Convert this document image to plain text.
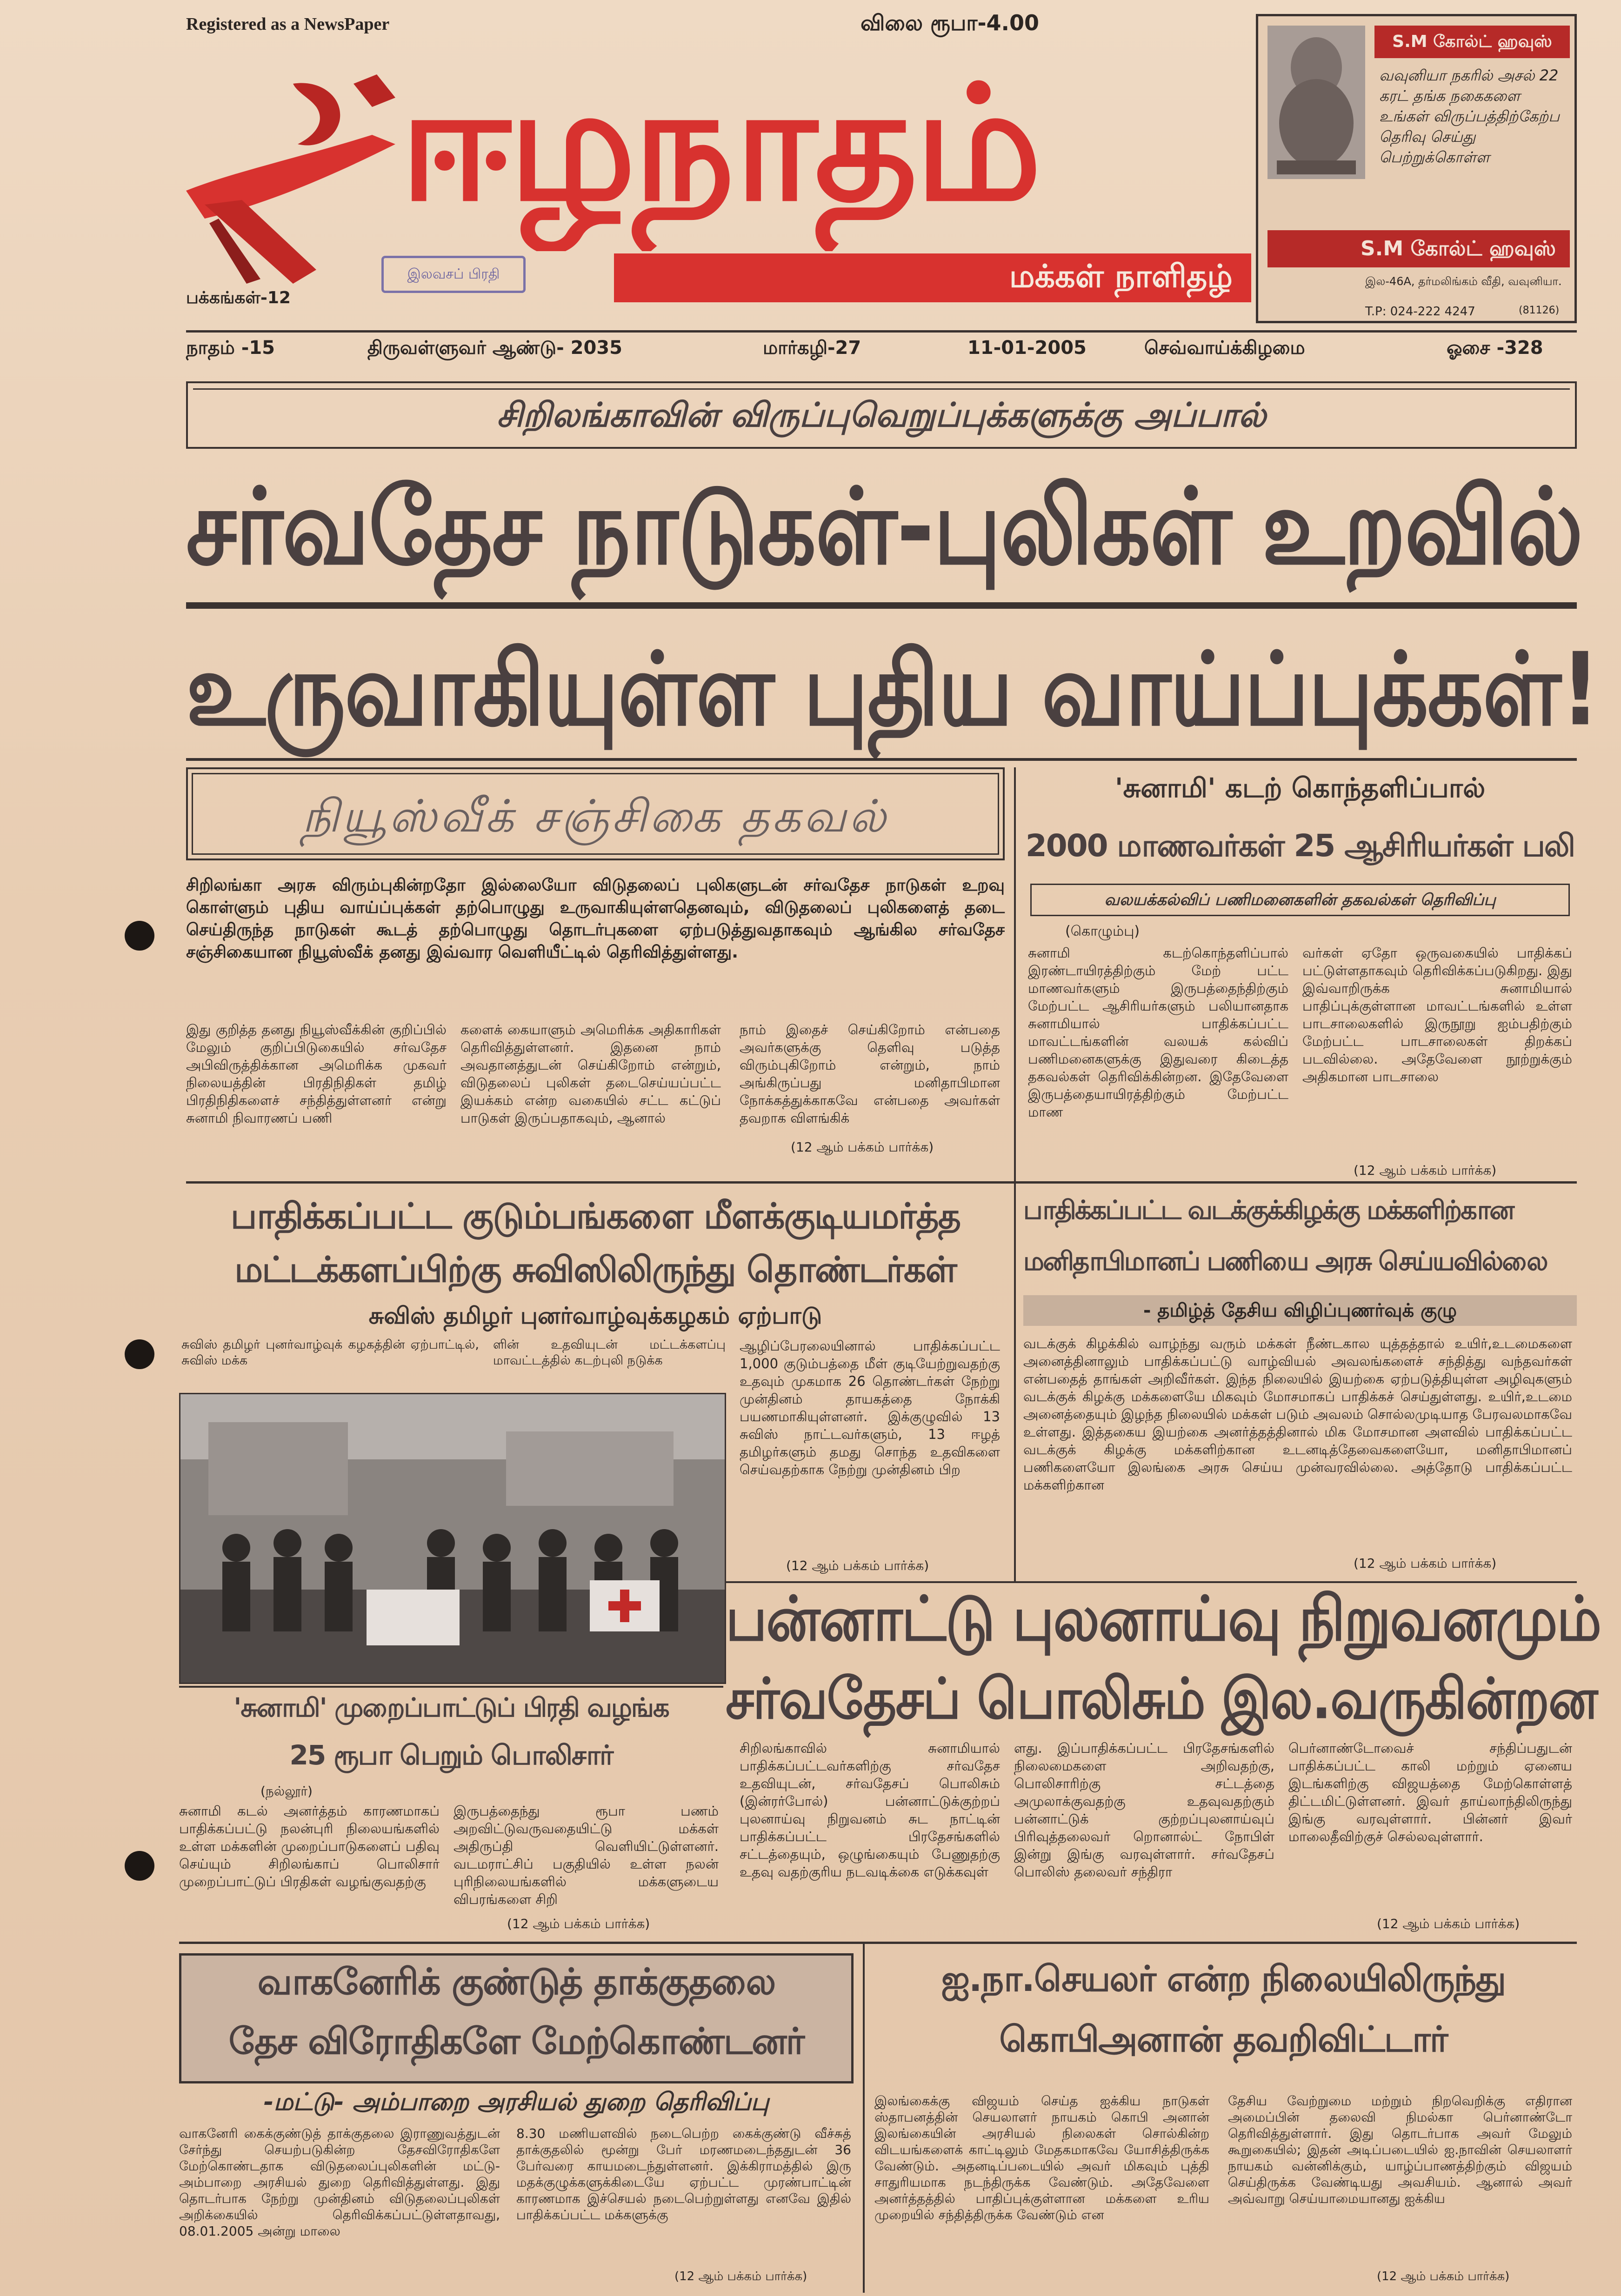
Registered as a NewsPaper	விலை ரூபா-4.00
ஈழநாதம்
மக்கள் நாளிதழ்
இலவசப் பிரதி
பக்கங்கள்-12
S.M கோல்ட் ஹவுஸ்
வவுனியா நகரில் அசல் 22 கரட் தங்க நகைகளை உங்கள் விருப்பத்திற்கேற்ப தெரிவு செய்து பெற்றுக்கொள்ள
S.M கோல்ட் ஹவுஸ்
இல-46A, தர்மலிங்கம் வீதி, வவுனியா.
T.P: 024-222 4247	(81126)
நாதம் -15	திருவள்ளுவர் ஆண்டு- 2035	மார்கழி-27	11-01-2005	செவ்வாய்க்கிழமை	ஓசை -328
சிறிலங்காவின் விருப்புவெறுப்புக்களுக்கு அப்பால்
சர்வதேச நாடுகள்-புலிகள் உறவில்
உருவாகியுள்ள புதிய வாய்ப்புக்கள்!
நியூஸ்வீக் சஞ்சிகை தகவல்
சிறிலங்கா அரசு விரும்புகின்றதோ இல்லையோ விடுதலைப் புலிகளுடன் சர்வதேச நாடுகள் உறவு கொள்ளும் புதிய வாய்ப்புக்கள் தற்பொழுது உருவாகியுள்ளதெனவும், விடுதலைப் புலிகளைத் தடை செய்திருந்த நாடுகள் கூடத் தற்பொழுது தொடர்புகளை ஏற்படுத்துவதாகவும் ஆங்கில சர்வதேச சஞ்சிகையான நியூஸ்வீக் தனது இவ்வார வெளியீட்டில் தெரிவித்துள்ளது.
இது குறித்த தனது நியூஸ்வீக்கின் குறிப்பில் மேலும் குறிப்பிடுகையில் சர்வதேச அபிவிருத்திக்கான அமெரிக்க முகவர் நிலையத்தின் பிரதிநிதிகள் தமிழ் பிரதிநிதிகளைச் சந்தித்துள்ளனர் என்று சுனாமி நிவாரணப் பணி
களைக் கையாளும் அமெரிக்க அதிகாரிகள் தெரிவித்துள்ளனர். இதனை நாம் அவதானத்துடன் செய்கிறோம் என்றும், விடுதலைப் புலிகள் தடைசெய்யப்பட்ட இயக்கம் என்ற வகையில் சட்ட கட்டுப் பாடுகள் இருப்பதாகவும், ஆனால்
நாம் இதைச் செய்கிறோம் என்பதை அவர்களுக்கு தெளிவு படுத்த விரும்புகிறோம் என்றும், நாம் அங்கிருப்பது மனிதாபிமான நோக்கத்துக்காகவே என்பதை அவர்கள் தவறாக விளங்கிக்
(12 ஆம் பக்கம் பார்க்க)
'சுனாமி' கடற் கொந்தளிப்பால்
2000 மாணவர்கள் 25 ஆசிரியர்கள் பலி
வலயக்கல்விப் பணிமனைகளின் தகவல்கள் தெரிவிப்பு
(கொழும்பு)
சுனாமி கடற்கொந்தளிப்பால் இரண்டாயிரத்திற்கும் மேற் பட்ட மாணவர்களும் இருபத்தைந்திற்கும் மேற்பட்ட ஆசிரியர்களும் பலியானதாக சுனாமியால் பாதிக்கப்பட்ட மாவட்டங்களின் வலயக் கல்விப் பணிமனைகளுக்கு இதுவரை கிடைத்த தகவல்கள் தெரிவிக்கின்றன. இதேவேளை இருபத்தையாயிரத்திற்கும் மேற்பட்ட மாண
வர்கள் ஏதோ ஒருவகையில் பாதிக்கப் பட்டுள்ளதாகவும் தெரிவிக்கப்படுகிறது. இது இவ்வாறிருக்க சுனாமியால் பாதிப்புக்குள்ளான மாவட்டங்களில் உள்ள பாடசாலைகளில் இருநூறு ஐம்பதிற்கும் மேற்பட்ட பாடசாலைகள் திறக்கப் படவில்லை. அதேவேளை நூற்றுக்கும் அதிகமான பாடசாலை
(12 ஆம் பக்கம் பார்க்க)
பாதிக்கப்பட்ட குடும்பங்களை மீளக்குடியமர்த்த
மட்டக்களப்பிற்கு சுவிஸிலிருந்து தொண்டர்கள்
சுவிஸ் தமிழர் புனர்வாழ்வுக்கழகம் ஏற்பாடு
சுவிஸ் தமிழர் புனர்வாழ்வுக் கழகத்தின் ஏற்பாட்டில், சுவிஸ் மக்க
ளின் உதவியுடன் மட்டக்களப்பு மாவட்டத்தில் கடற்புலி நடுக்க
ஆழிப்பேரலையினால் பாதிக்கப்பட்ட 1,000 குடும்பத்தை மீள் குடியேற்றுவதற்கு உதவும் முகமாக 26 தொண்டர்கள் நேற்று முன்தினம் தாயகத்தை நோக்கி பயணமாகியுள்ளனர். இக்குழுவில் 13 சுவிஸ் நாட்டவர்களும், 13 ஈழத் தமிழர்களும் தமது சொந்த உதவிகளை செய்வதற்காக நேற்று முன்தினம் பிற
(12 ஆம் பக்கம் பார்க்க)
பாதிக்கப்பட்ட வடக்குக்கிழக்கு மக்களிற்கான
மனிதாபிமானப் பணியை அரசு செய்யவில்லை
- தமிழ்த் தேசிய விழிப்புணர்வுக் குழு
வடக்குக் கிழக்கில் வாழ்ந்து வரும் மக்கள் நீண்டகால யுத்தத்தால் உயிர்,உடமைகளை அனைத்தினாலும் பாதிக்கப்பட்டு வாழ்வியல் அவலங்களைச் சந்தித்து வந்தவர்கள் என்பதைத் தாங்கள் அறிவீர்கள். இந்த நிலையில் இயற்கை ஏற்படுத்தியுள்ள அழிவுகளும் வடக்குக் கிழக்கு மக்களையே மிகவும் மோசமாகப் பாதிக்கச் செய்துள்ளது. உயிர்,உடமை அனைத்தையும் இழந்த நிலையில் மக்கள் படும் அவலம் சொல்லமுடியாத பேரவலமாகவே உள்ளது. இத்தகைய இயற்கை அனர்த்தத்தினால் மிக மோசமான அளவில் பாதிக்கப்பட்ட வடக்குக் கிழக்கு மக்களிற்கான உடனடித்தேவைகளையோ, மனிதாபிமானப் பணிகளையோ இலங்கை அரசு செய்ய முன்வரவில்லை. அத்தோடு பாதிக்கப்பட்ட மக்களிற்கான
(12 ஆம் பக்கம் பார்க்க)
பன்னாட்டு புலனாய்வு நிறுவனமும்
சர்வதேசப் பொலிசும் இல.வருகின்றன
சிறிலங்காவில் சுனாமியால் பாதிக்கப்பட்டவர்களிற்கு சர்வதேச உதவியுடன், சர்வதேசப் பொலிசும் (இன்ரர்போல்) பன்னாட்டுக்குற்றப் புலனாய்வு நிறுவனம் சுட நாட்டின் பாதிக்கப்பட்ட பிரதேசங்களில் சட்டத்தையும், ஒழுங்கையும் பேணுதற்கு உதவு வதற்குரிய நடவடிக்கை எடுக்கவுள்
ளது. இப்பாதிக்கப்பட்ட பிரதேசங்களில் நிலைமைகளை அறிவதற்கு, பொலிசாரிற்கு சட்டத்தை அமுலாக்குவதற்கு உதவுவதற்கும் பன்னாட்டுக் குற்றப்புலனாய்வுப் பிரிவுத்தலைவர் றொனால்ட் நோபிள் இன்று இங்கு வரவுள்ளார். சர்வதேசப் பொலிஸ் தலைவர் சந்திரா
பெர்னாண்டோவைச் சந்திப்பதுடன் பாதிக்கப்பட்ட காலி மற்றும் ஏனைய இடங்களிற்கு விஜயத்தை மேற்கொள்ளத் திட்டமிட்டுள்ளனர். இவர் தாய்லாந்திலிருந்து இங்கு வரவுள்ளார். பின்னர் இவர் மாலைதீவிற்குச் செல்லவுள்ளார்.
(12 ஆம் பக்கம் பார்க்க)
'சுனாமி' முறைப்பாட்டுப் பிரதி வழங்க
25 ரூபா பெறும் பொலிசார்
(நல்லூர்)
சுனாமி கடல் அனர்த்தம் காரணமாகப் பாதிக்கப்பட்டு நலன்புரி நிலையங்களில் உள்ள மக்களின் முறைப்பாடுகளைப் பதிவு செய்யும் சிறிலங்காப் பொலிசார் முறைப்பாட்டுப் பிரதிகள் வழங்குவதற்கு
இருபத்தைந்து ரூபா பணம் அறவிட்டுவருவதையிட்டு மக்கள் அதிருப்தி வெளியிட்டுள்ளனர். வடமராட்சிப் பகுதியில் உள்ள நலன் புரிநிலையங்களில் மக்களுடைய விபரங்களை சிறி
(12 ஆம் பக்கம் பார்க்க)
வாகனேரிக் குண்டுத் தாக்குதலை
தேச விரோதிகளே மேற்கொண்டனர்
-மட்டு- அம்பாறை அரசியல் துறை தெரிவிப்பு
வாகனேரி கைக்குண்டுத் தாக்குதலை இராணுவத்துடன் சேர்ந்து செயற்படுகின்ற தேசவிரோதிகளே மேற்கொண்டதாக விடுதலைப்புலிகளின் மட்டு-அம்பாறை அரசியல் துறை தெரிவித்துள்ளது. இது தொடர்பாக நேற்று முன்தினம் விடுதலைப்புலிகள் அறிக்கையில் தெரிவிக்கப்பட்டுள்ளதாவது, 08.01.2005 அன்று மாலை
8.30 மணியளவில் நடைபெற்ற கைக்குண்டு வீச்சுத் தாக்குதலில் மூன்று பேர் மரணமடைந்ததுடன் 36 பேர்வரை காயமடைந்துள்ளனர். இக்கிராமத்தில் இரு மதக்குழுக்களுக்கிடையே ஏற்பட்ட முரண்பாட்டின் காரணமாக இச்செயல் நடைபெற்றுள்ளது எனவே இதில் பாதிக்கப்பட்ட மக்களுக்கு
(12 ஆம் பக்கம் பார்க்க)
ஐ.நா.செயலர் என்ற நிலையிலிருந்து
கொபிஅனான் தவறிவிட்டார்
இலங்கைக்கு விஜயம் செய்த ஐக்கிய நாடுகள் ஸ்தாபனத்தின் செயலாளர் நாயகம் கொபி அனான் இலங்கையின் அரசியல் நிலைகள் சொல்கின்ற விடயங்களைக் காட்டிலும் மேதகமாகவே யோசித்திருக்க வேண்டும். அதனடிப்படையில் அவர் மிகவும் புத்தி சாதுரியமாக நடந்திருக்க வேண்டும். அதேவேளை அனர்த்தத்தில் பாதிப்புக்குள்ளான மக்களை உரிய முறையில் சந்தித்திருக்க வேண்டும் என
தேசிய வேற்றுமை மற்றும் நிறவெறிக்கு எதிரான அமைப்பின் தலைவி நிமல்கா பெர்னாண்டோ தெரிவித்துள்ளார். இது தொடர்பாக அவர் மேலும் கூறுகையில்; இதன் அடிப்படையில் ஐ.நாவின் செயலாளர் நாயகம் வன்னிக்கும், யாழ்ப்பாணத்திற்கும் விஜயம் செய்திருக்க வேண்டியது அவசியம். ஆனால் அவர் அவ்வாறு செய்யாமையானது ஐக்கிய
(12 ஆம் பக்கம் பார்க்க)
